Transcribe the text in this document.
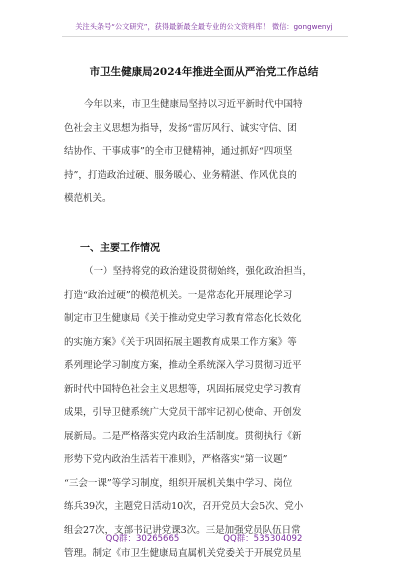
关注头条号“公文研究”，获得最新最全最专业的公文资料库！ 微信：gongwenyj
市卫生健康局2024年推进全面从严治党工作总结
今年以来，市卫生健康局坚持以习近平新时代中国特
色社会主义思想为指导，发扬“雷厉风行、诚实守信、团
结协作、干事成事”的全市卫健精神，通过抓好“四项坚
持”，打造政治过硬、服务暖心、业务精湛、作风优良的
模范机关。
一、主要工作情况
（一）坚持将党的政治建设贯彻始终，强化政治担当，
打造“政治过硬”的模范机关。一是常态化开展理论学习
制定市卫生健康局《关于推动党史学习教育常态化长效化
的实施方案》《关于巩固拓展主题教育成果工作方案》等
系列理论学习制度方案，推动全系统深入学习贯彻习近平
新时代中国特色社会主义思想等，巩固拓展党史学习教育
成果，引导卫健系统广大党员干部牢记初心使命、开创发
展新局。二是严格落实党内政治生活制度。贯彻执行《新
形势下党内政治生活若干准则》，严格落实“第一议题”
“三会一课”等学习制度，组织开展机关集中学习、岗位
练兵39次，主题党日活动10次，召开党员大会5次、党小
组会27次，支部书记讲党课3次。三是加强党员队伍日常
管理。制定《市卫生健康局直属机关党委关于开展党员星
QQ群：30265665	QQ群：535304092
